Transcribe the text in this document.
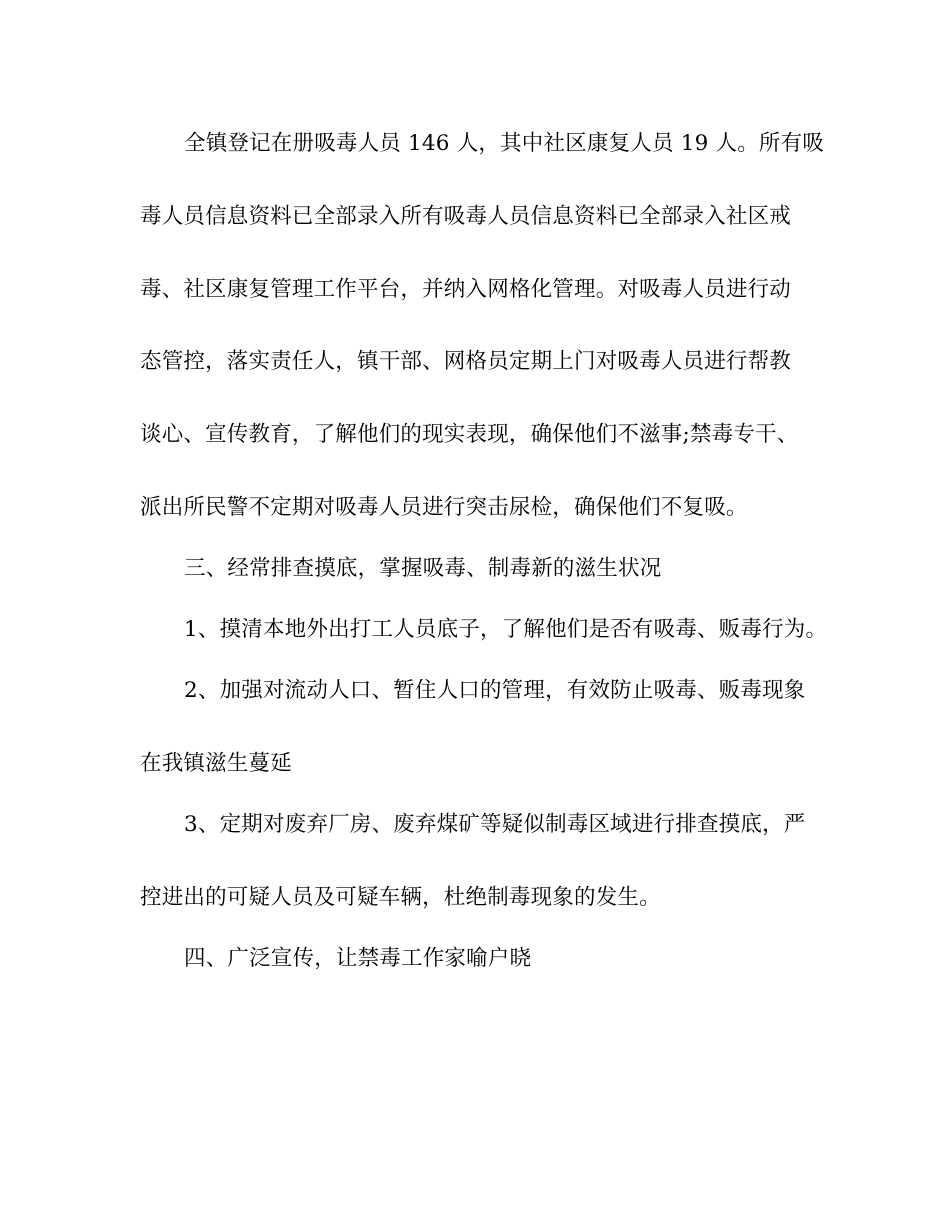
全镇登记在册吸毒人员 146 人，其中社区康复人员 19 人。所有吸
毒人员信息资料已全部录入所有吸毒人员信息资料已全部录入社区戒
毒、社区康复管理工作平台，并纳入网格化管理。对吸毒人员进行动
态管控，落实责任人，镇干部、网格员定期上门对吸毒人员进行帮教
谈心、宣传教育，了解他们的现实表现，确保他们不滋事;禁毒专干、
派出所民警不定期对吸毒人员进行突击尿检，确保他们不复吸。
三、经常排查摸底，掌握吸毒、制毒新的滋生状况
1、摸清本地外出打工人员底子，了解他们是否有吸毒、贩毒行为。
2、加强对流动人口、暂住人口的管理，有效防止吸毒、贩毒现象
在我镇滋生蔓延
3、定期对废弃厂房、废弃煤矿等疑似制毒区域进行排查摸底，严
控进出的可疑人员及可疑车辆，杜绝制毒现象的发生。
四、广泛宣传，让禁毒工作家喻户晓
